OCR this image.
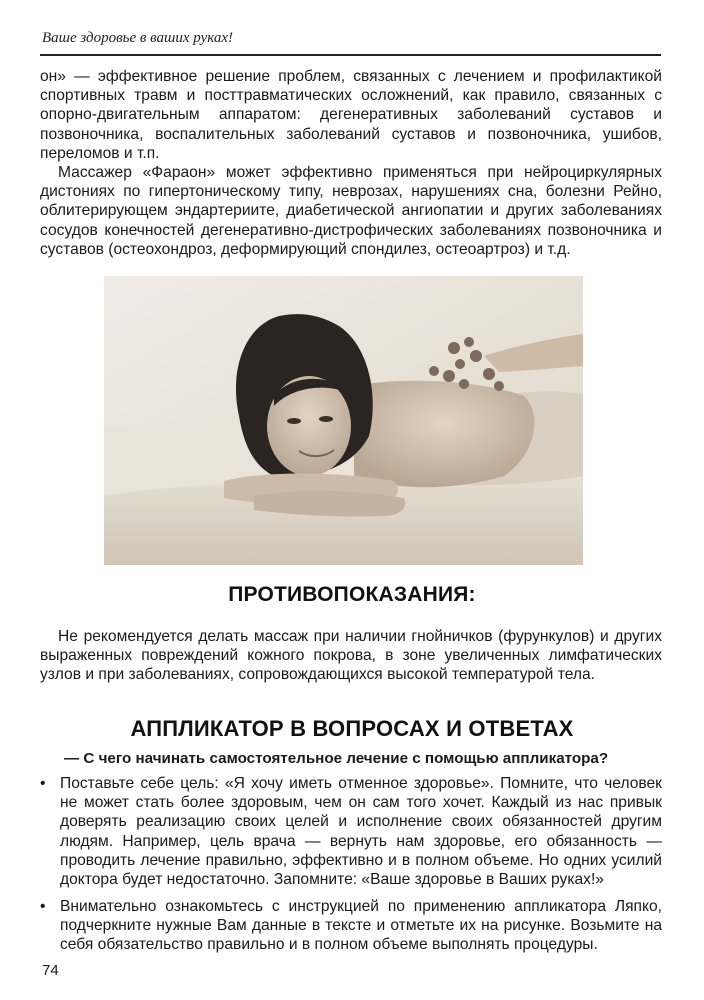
Ваше здоровье в ваших руках!

он» — эффективное решение проблем, связанных с лечением и профилактикой спортивных травм и посттравматических осложнений, как правило, связанных с опорно-двигательным аппаратом: дегенеративных заболеваний суставов и позвоночника, воспалительных заболеваний суставов и позвоночника, ушибов, переломов и т.п.

Массажер «Фараон» может эффективно применяться при нейроциркулярных дистониях по гипертоническому типу, неврозах, нарушениях сна, болезни Рейно, облитерирующем эндартериите, диабетической ангиопатии и других заболеваниях сосудов конечностей дегенеративно-дистрофических заболеваниях позвоночника и суставов (остеохондроз, деформирующий спондилез, остеоартроз) и т.д.

ПРОТИВОПОКАЗАНИЯ:

Не рекомендуется делать массаж при наличии гнойничков (фурункулов) и других выраженных повреждений кожного покрова, в зоне увеличенных лимфатических узлов и при заболеваниях, сопровождающихся высокой температурой тела.

АППЛИКАТОР В ВОПРОСАХ И ОТВЕТАХ
— С чего начинать самостоятельное лечение с помощью аппликатора?
• Поставьте себе цель: «Я хочу иметь отменное здоровье». Помните, что человек не может стать более здоровым, чем он сам того хочет. Каждый из нас привык доверять реализацию своих целей и исполнение своих обязанностей другим людям. Например, цель врача — вернуть нам здоровье, его обязанность — проводить лечение правильно, эффективно и в полном объеме. Но одних усилий доктора будет недостаточно. Запомните: «Ваше здоровье в Ваших руках!»
• Внимательно ознакомьтесь с инструкцией по применению аппликатора Ляпко, подчеркните нужные Вам данные в тексте и отметьте их на рисунке. Возьмите на себя обязательство правильно и в полном объеме выполнять процедуры.
74
